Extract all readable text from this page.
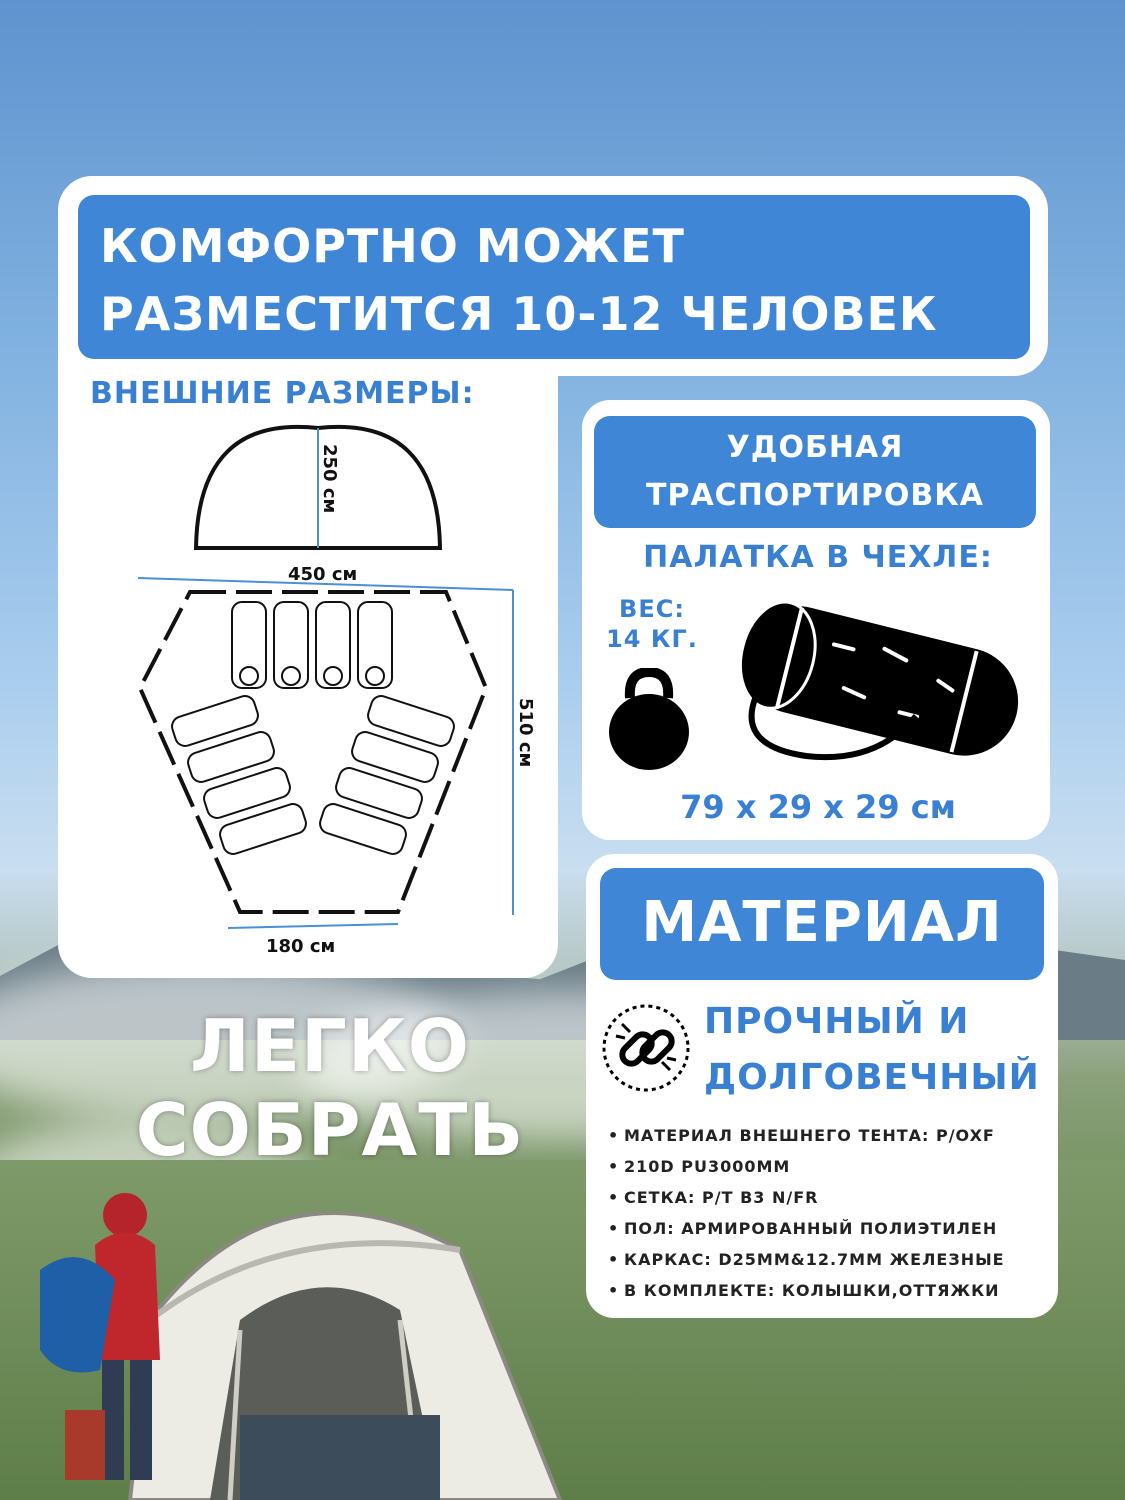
КОМФОРТНО МОЖЕТ
РАЗМЕСТИТСЯ 10-12 ЧЕЛОВЕК
ВНЕШНИЕ РАЗМЕРЫ:
250 см
450 см
510 см
180 см
УДОБНАЯ
ТРАСПОРТИРОВКА
ПАЛАТКА В ЧЕХЛЕ:
ВЕС:
14 КГ.
79 x 29 x 29 см
МАТЕРИАЛ
ПРОЧНЫЙ И
ДОЛГОВЕЧНЫЙ
• МАТЕРИАЛ ВНЕШНЕГО ТЕНТА: P/OXF
• 210D PU3000MM
• СЕТКА: P/T B3 N/FR
• ПОЛ: АРМИРОВАННЫЙ ПОЛИЭТИЛЕН
• КАРКАС: D25MM&12.7MM ЖЕЛЕЗНЫЕ
• В КОМПЛЕКТЕ: КОЛЫШКИ,ОТТЯЖКИ
ЛЕГКО
СОБРАТЬ
